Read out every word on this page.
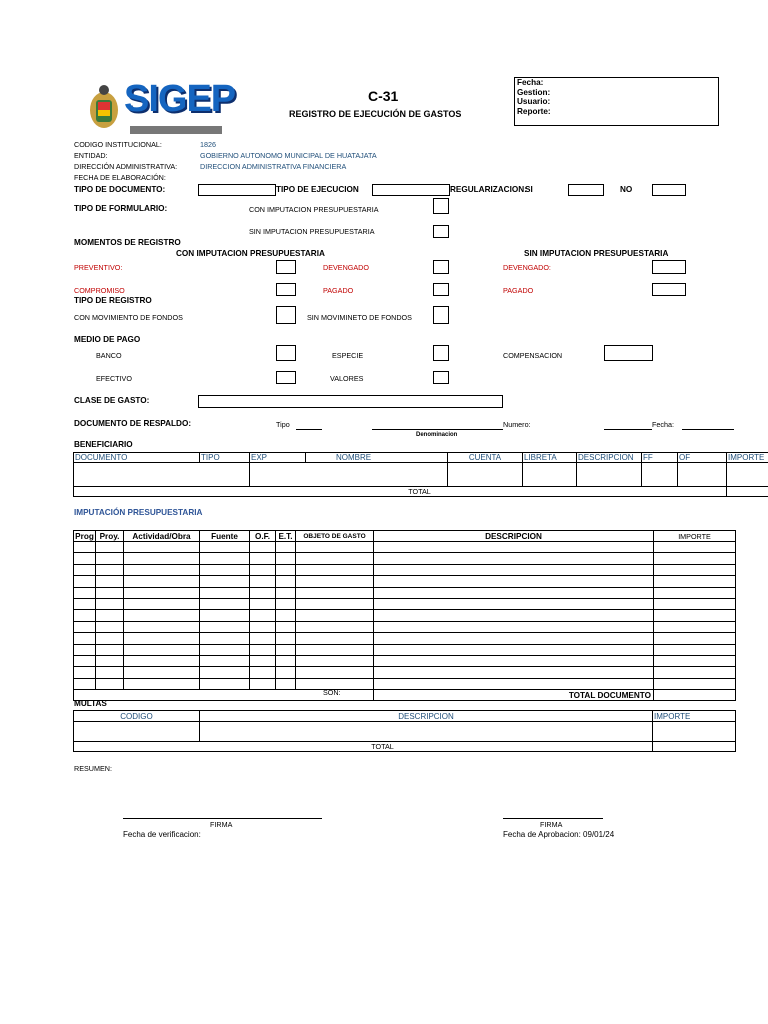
SIGEP	C-31
REGISTRO DE EJECUCIÓN DE GASTOS
Fecha:
Gestion:
Usuario:
Reporte:
CODIGO INSTITUCIONAL:	1826
ENTIDAD:	GOBIERNO AUTONOMO MUNICIPAL DE HUATAJATA
DIRECCIÓN ADMINISTRATIVA:	DIRECCION ADMINISTRATIVA FINANCIERA
FECHA DE ELABORACIÓN:
TIPO DE DOCUMENTO:	TIPO DE EJECUCION	REGULARIZACION:
SI	NO
TIPO DE FORMULARIO:	CON IMPUTACION PRESUPUESTARIA
SIN IMPUTACION PRESUPUESTARIA
MOMENTOS DE REGISTRO
CON IMPUTACION PRESUPUESTARIA	SIN IMPUTACION PRESUPUESTARIA
PREVENTIVO:	DEVENGADO	DEVENGADO:
COMPROMISO	PAGADO	PAGADO
TIPO DE REGISTRO
CON MOVIMIENTO DE FONDOS	SIN MOVIMINETO DE FONDOS
MEDIO DE PAGO
BANCO	ESPECIE	COMPENSACION
EFECTIVO	VALORES
CLASE DE GASTO:
DOCUMENTO DE RESPALDO:	Tipo
Denominacion
Numero:	Fecha:
BENEFICIARIO
DOCUMENTO	TIPO	EXP	NOMBRE	CUENTA	LIBRETA	DESCRIPCION	FF	OF	IMPORTE

TOTAL									
IMPUTACIÓN PRESUPUESTARIA
Prog	Proy.	Actividad/Obra	Fuente	O.F.	E.T.	OBJETO DE GASTO	DESCRIPCION	IMPORTE

							TOTAL DOCUMENTO	
SON:
MULTAS
CODIGO	DESCRIPCION	IMPORTE

TOTAL		
RESUMEN:
FIRMA
Fecha de verificacion:
FIRMA
Fecha de Aprobacion: 09/01/24
